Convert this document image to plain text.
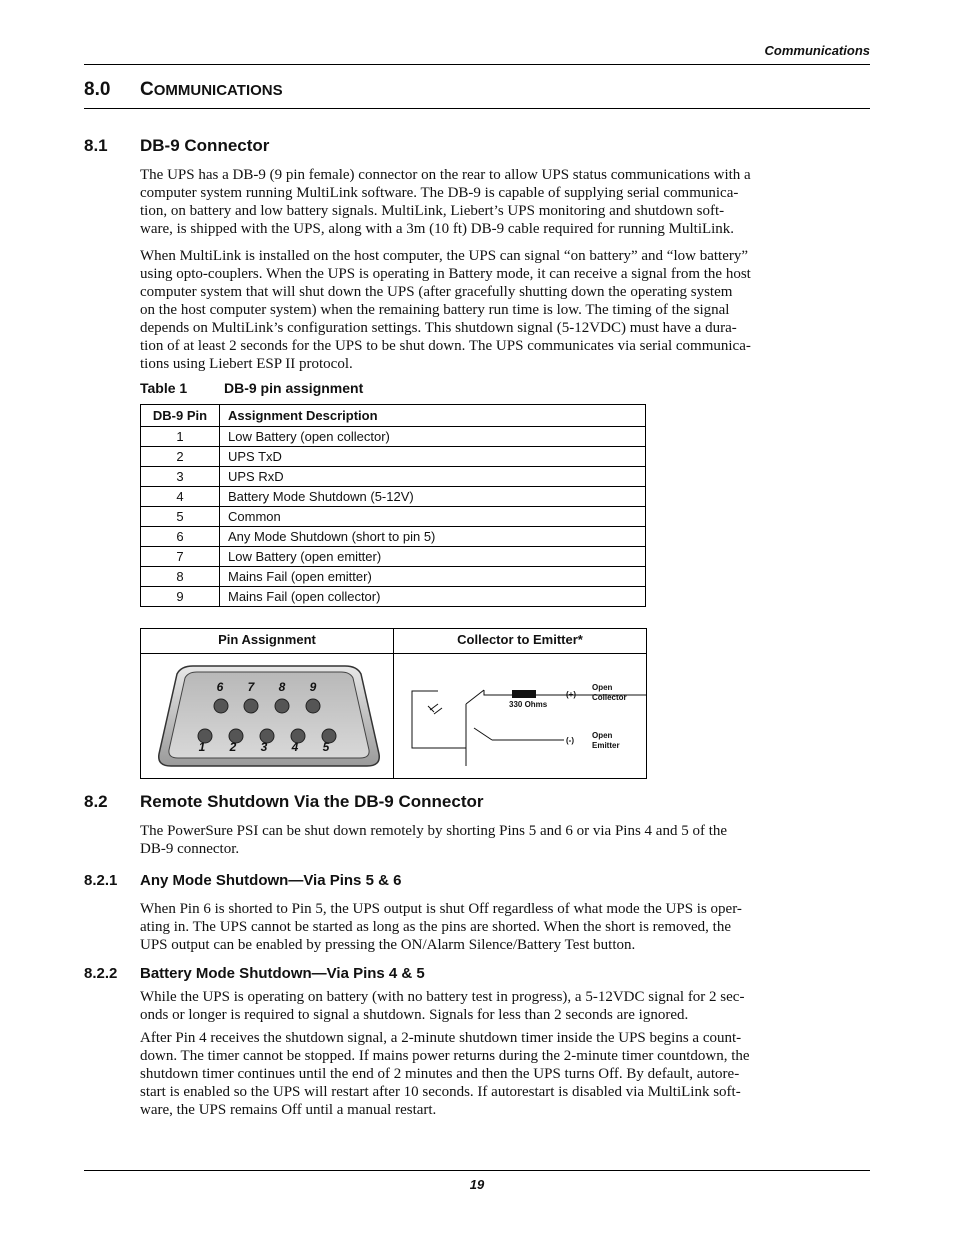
Communications
8.0 COMMUNICATIONS
8.1 DB-9 Connector
The UPS has a DB-9 (9 pin female) connector on the rear to allow UPS status communications with a
computer system running MultiLink software. The DB-9 is capable of supplying serial communica-
tion, on battery and low battery signals. MultiLink, Liebert’s UPS monitoring and shutdown soft-
ware, is shipped with the UPS, along with a 3m (10 ft) DB-9 cable required for running MultiLink.
When MultiLink is installed on the host computer, the UPS can signal “on battery” and “low battery”
using opto-couplers. When the UPS is operating in Battery mode, it can receive a signal from the host
computer system that will shut down the UPS (after gracefully shutting down the operating system
on the host computer system) when the remaining battery run time is low. The timing of the signal
depends on MultiLink’s configuration settings. This shutdown signal (5-12VDC) must have a dura-
tion of at least 2 seconds for the UPS to be shut down. The UPS communicates via serial communica-
tions using Liebert ESP II protocol.
Table 1	DB-9 pin assignment
DB-9 Pin	Assignment Description
1	Low Battery (open collector)
2	UPS TxD
3	UPS RxD
4	Battery Mode Shutdown (5-12V)
5	Common
6	Any Mode Shutdown (short to pin 5)
7	Low Battery (open emitter)
8	Mains Fail (open emitter)
9	Mains Fail (open collector)
Pin Assignment	Collector to Emitter*
6 7 8 9
1 2 3 4 5
330 Ohms
(+)
(-)
Open
Collector
Open
Emitter
8.2 Remote Shutdown Via the DB-9 Connector
The PowerSure PSI can be shut down remotely by shorting Pins 5 and 6 or via Pins 4 and 5 of the
DB-9 connector.
8.2.1 Any Mode Shutdown—Via Pins 5 & 6
When Pin 6 is shorted to Pin 5, the UPS output is shut Off regardless of what mode the UPS is oper-
ating in. The UPS cannot be started as long as the pins are shorted. When the short is removed, the
UPS output can be enabled by pressing the ON/Alarm Silence/Battery Test button.
8.2.2 Battery Mode Shutdown—Via Pins 4 & 5
While the UPS is operating on battery (with no battery test in progress), a 5-12VDC signal for 2 sec-
onds or longer is required to signal a shutdown. Signals for less than 2 seconds are ignored.
After Pin 4 receives the shutdown signal, a 2-minute shutdown timer inside the UPS begins a count-
down. The timer cannot be stopped. If mains power returns during the 2-minute timer countdown, the
shutdown timer continues until the end of 2 minutes and then the UPS turns Off. By default, autore-
start is enabled so the UPS will restart after 10 seconds. If autorestart is disabled via MultiLink soft-
ware, the UPS remains Off until a manual restart.
19
